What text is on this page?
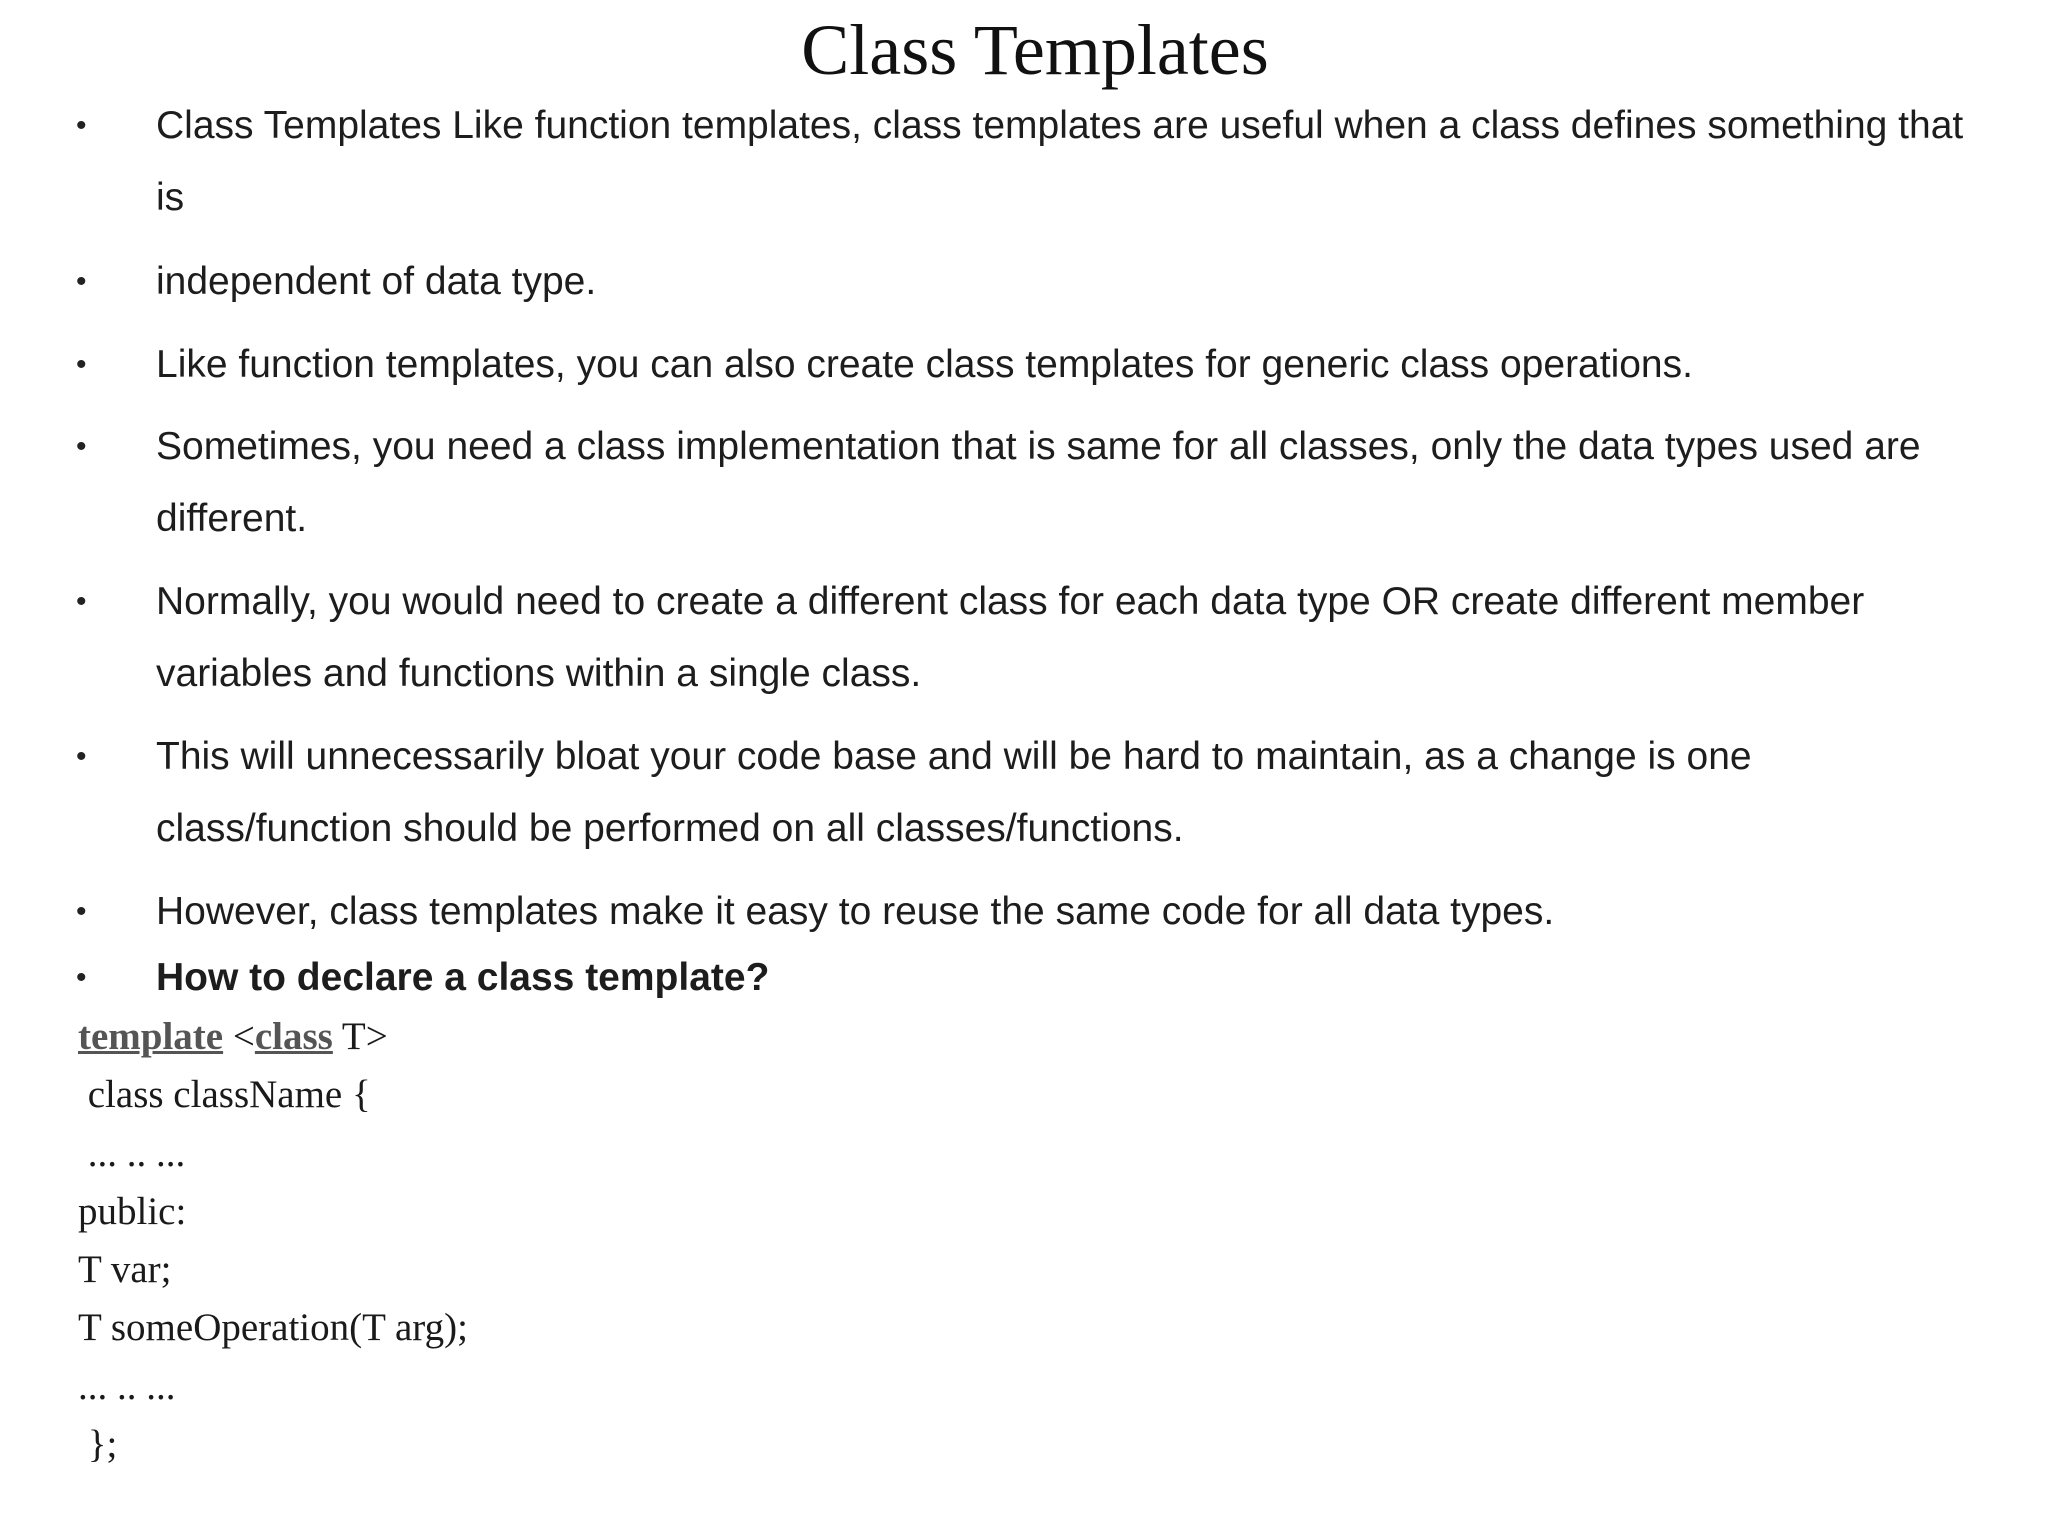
Class Templates
• Class Templates Like function templates, class templates are useful when a class defines something that is
• independent of data type.
• Like function templates, you can also create class templates for generic class operations.
• Sometimes, you need a class implementation that is same for all classes, only the data types used are different.
• Normally, you would need to create a different class for each data type OR create different member variables and functions within a single class.
• This will unnecessarily bloat your code base and will be hard to maintain, as a change is one class/function should be performed on all classes/functions.
• However, class templates make it easy to reuse the same code for all data types.
• How to declare a class template?
template <class T>
class className {
... .. ...
public:
T var;
T someOperation(T arg);
... .. ...
};
